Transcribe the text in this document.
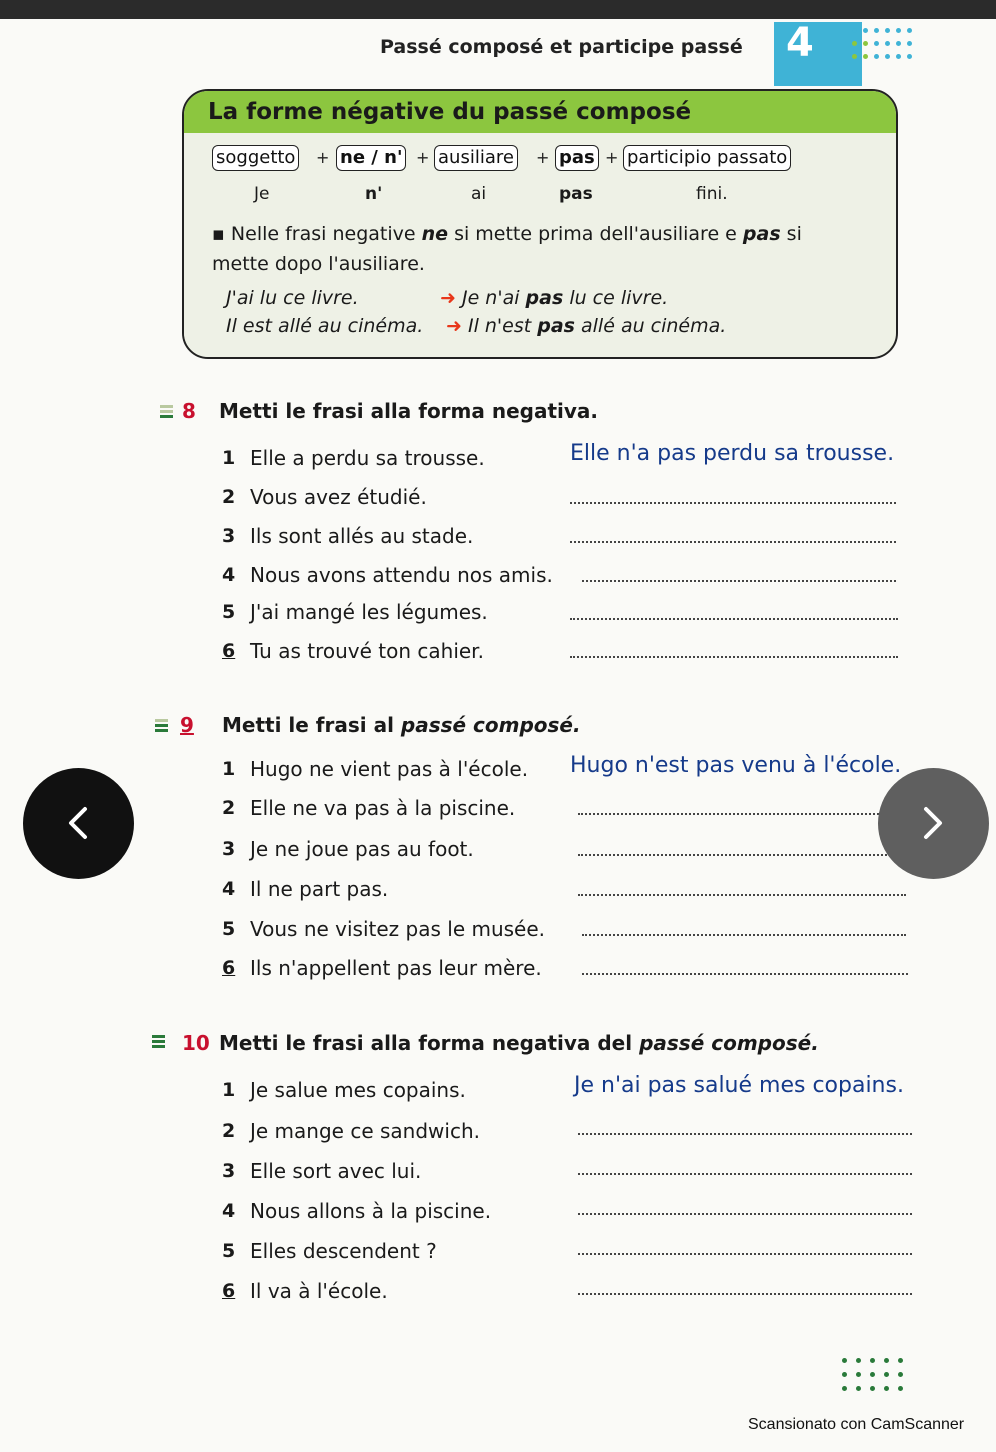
Passé composé et participe passé 4
La forme négative du passé composé
soggetto + ne / n' + ausiliare + pas + participio passato
Je	n'	ai	pas	fini.
▪ Nelle frasi negative ne si mette prima dell'ausiliare e pas si mette dopo l'ausiliare.
J'ai lu ce livre.	➜ Je n'ai pas lu ce livre.
Il est allé au cinéma. ➜ Il n'est pas allé au cinéma.
8 Metti le frasi alla forma negativa.
1 Elle a perdu sa trousse.	Elle n'a pas perdu sa trousse.
2 Vous avez étudié.
3 Ils sont allés au stade.
4 Nous avons attendu nos amis.
5 J'ai mangé les légumes.
6 Tu as trouvé ton cahier.
9 Metti le frasi al passé composé.
1 Hugo ne vient pas à l'école. Hugo n'est pas venu à l'école.
2 Elle ne va pas à la piscine.
3 Je ne joue pas au foot.
4 Il ne part pas.
5 Vous ne visitez pas le musée.
6 Ils n'appellent pas leur mère.
10 Metti le frasi alla forma negativa del passé composé.
1 Je salue mes copains.	Je n'ai pas salué mes copains.
2 Je mange ce sandwich.
3 Elle sort avec lui.
4 Nous allons à la piscine.
5 Elles descendent ?
6 Il va à l'école.
Scansionato con CamScanner
